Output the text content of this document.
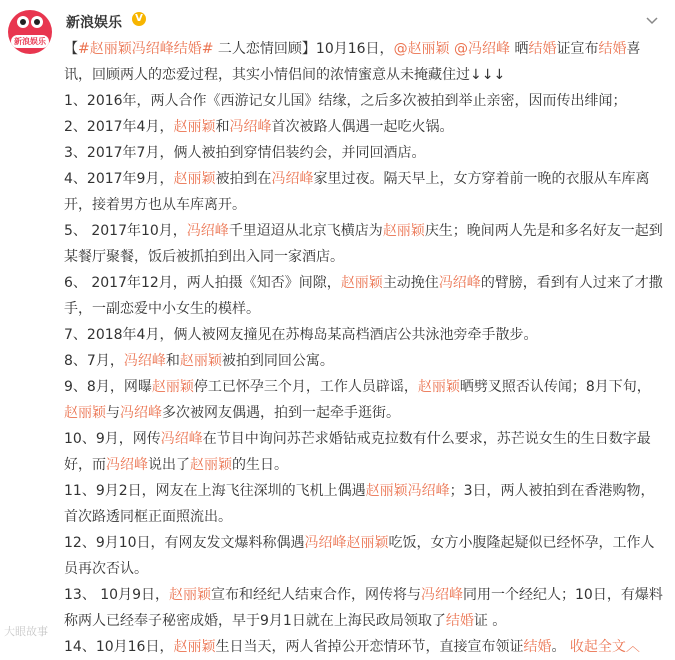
新浪娱乐
新浪娱乐	V

【#赵丽颖冯绍峰结婚# 二人恋情回顾】10月16日，@赵丽颖 @冯绍峰 晒结婚证宣布结婚喜讯，回顾两人的恋爱过程，其实小情侣间的浓情蜜意从未掩藏住过↓↓↓

1、2016年，两人合作《西游记女儿国》结缘，之后多次被拍到举止亲密，因而传出绯闻；

2、2017年4月，赵丽颖和冯绍峰首次被路人偶遇一起吃火锅。

3、2017年7月，俩人被拍到穿情侣装约会，并同回酒店。

4、2017年9月，赵丽颖被拍到在冯绍峰家里过夜。隔天早上，女方穿着前一晚的衣服从车库离开，接着男方也从车库离开。

5、 2017年10月，冯绍峰千里迢迢从北京飞横店为赵丽颖庆生；晚间两人先是和多名好友一起到某餐厅聚餐，饭后被抓拍到出入同一家酒店。

6、 2017年12月，两人拍摄《知否》间隙，赵丽颖主动挽住冯绍峰的臂膀，看到有人过来了才撒手，一副恋爱中小女生的模样。

7、2018年4月，俩人被网友撞见在苏梅岛某高档酒店公共泳池旁牵手散步。

8、7月，冯绍峰和赵丽颖被拍到同回公寓。

9、8月，网曝赵丽颖停工已怀孕三个月，工作人员辟谣，赵丽颖晒劈叉照否认传闻；8月下旬，赵丽颖与冯绍峰多次被网友偶遇，拍到一起牵手逛街。

10、9月，网传冯绍峰在节目中询问苏芒求婚钻戒克拉数有什么要求，苏芒说女生的生日数字最好，而冯绍峰说出了赵丽颖的生日。

11、9月2日，网友在上海飞往深圳的飞机上偶遇赵丽颖冯绍峰；3日，两人被拍到在香港购物，首次路透同框正面照流出。

12、9月10日，有网友发文爆料称偶遇冯绍峰赵丽颖吃饭，女方小腹隆起疑似已经怀孕，工作人员再次否认。

13、 10月9日，赵丽颖宣布和经纪人结束合作，网传将与冯绍峰同用一个经纪人；10日，有爆料称两人已经奉子秘密成婚，早于9月1日就在上海民政局领取了结婚证 。

14、10月16日，赵丽颖生日当天，两人省掉公开恋情环节，直接宣布领证结婚。 收起全文︿

大眼故事
